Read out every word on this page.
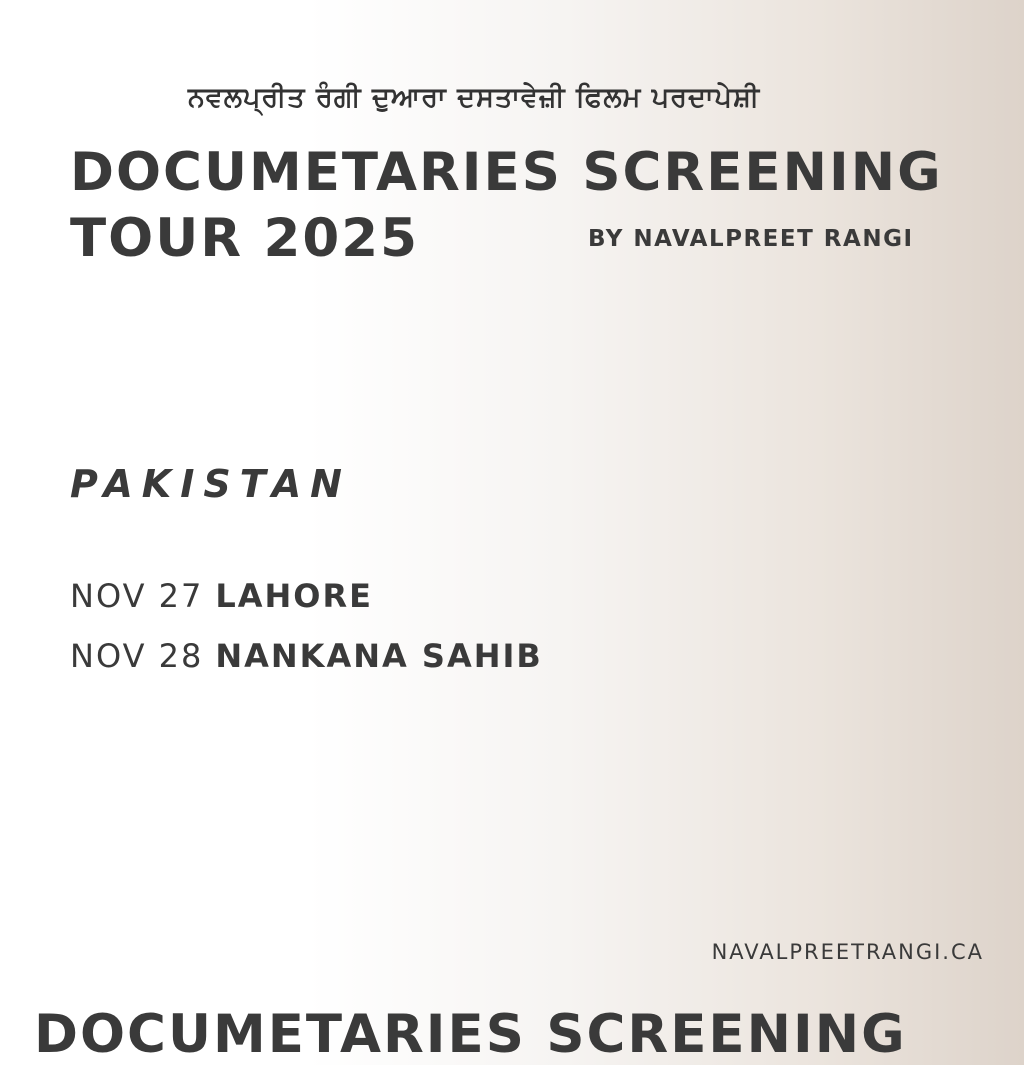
ਨਵਲਪ੍ਰੀਤ ਰੰਗੀ ਦੁਆਰਾ ਦਸਤਾਵੇਜ਼ੀ ਫਿਲਮ ਪਰਦਾਪੇਸ਼ੀ
DOCUMETARIES SCREENING
TOUR 2025	BY NAVALPREET RANGI
PAKISTAN
NOV 27 LAHORE
NOV 28 NANKANA SAHIB
NAVALPREETRANGI.CA
DOCUMETARIES SCREENING
